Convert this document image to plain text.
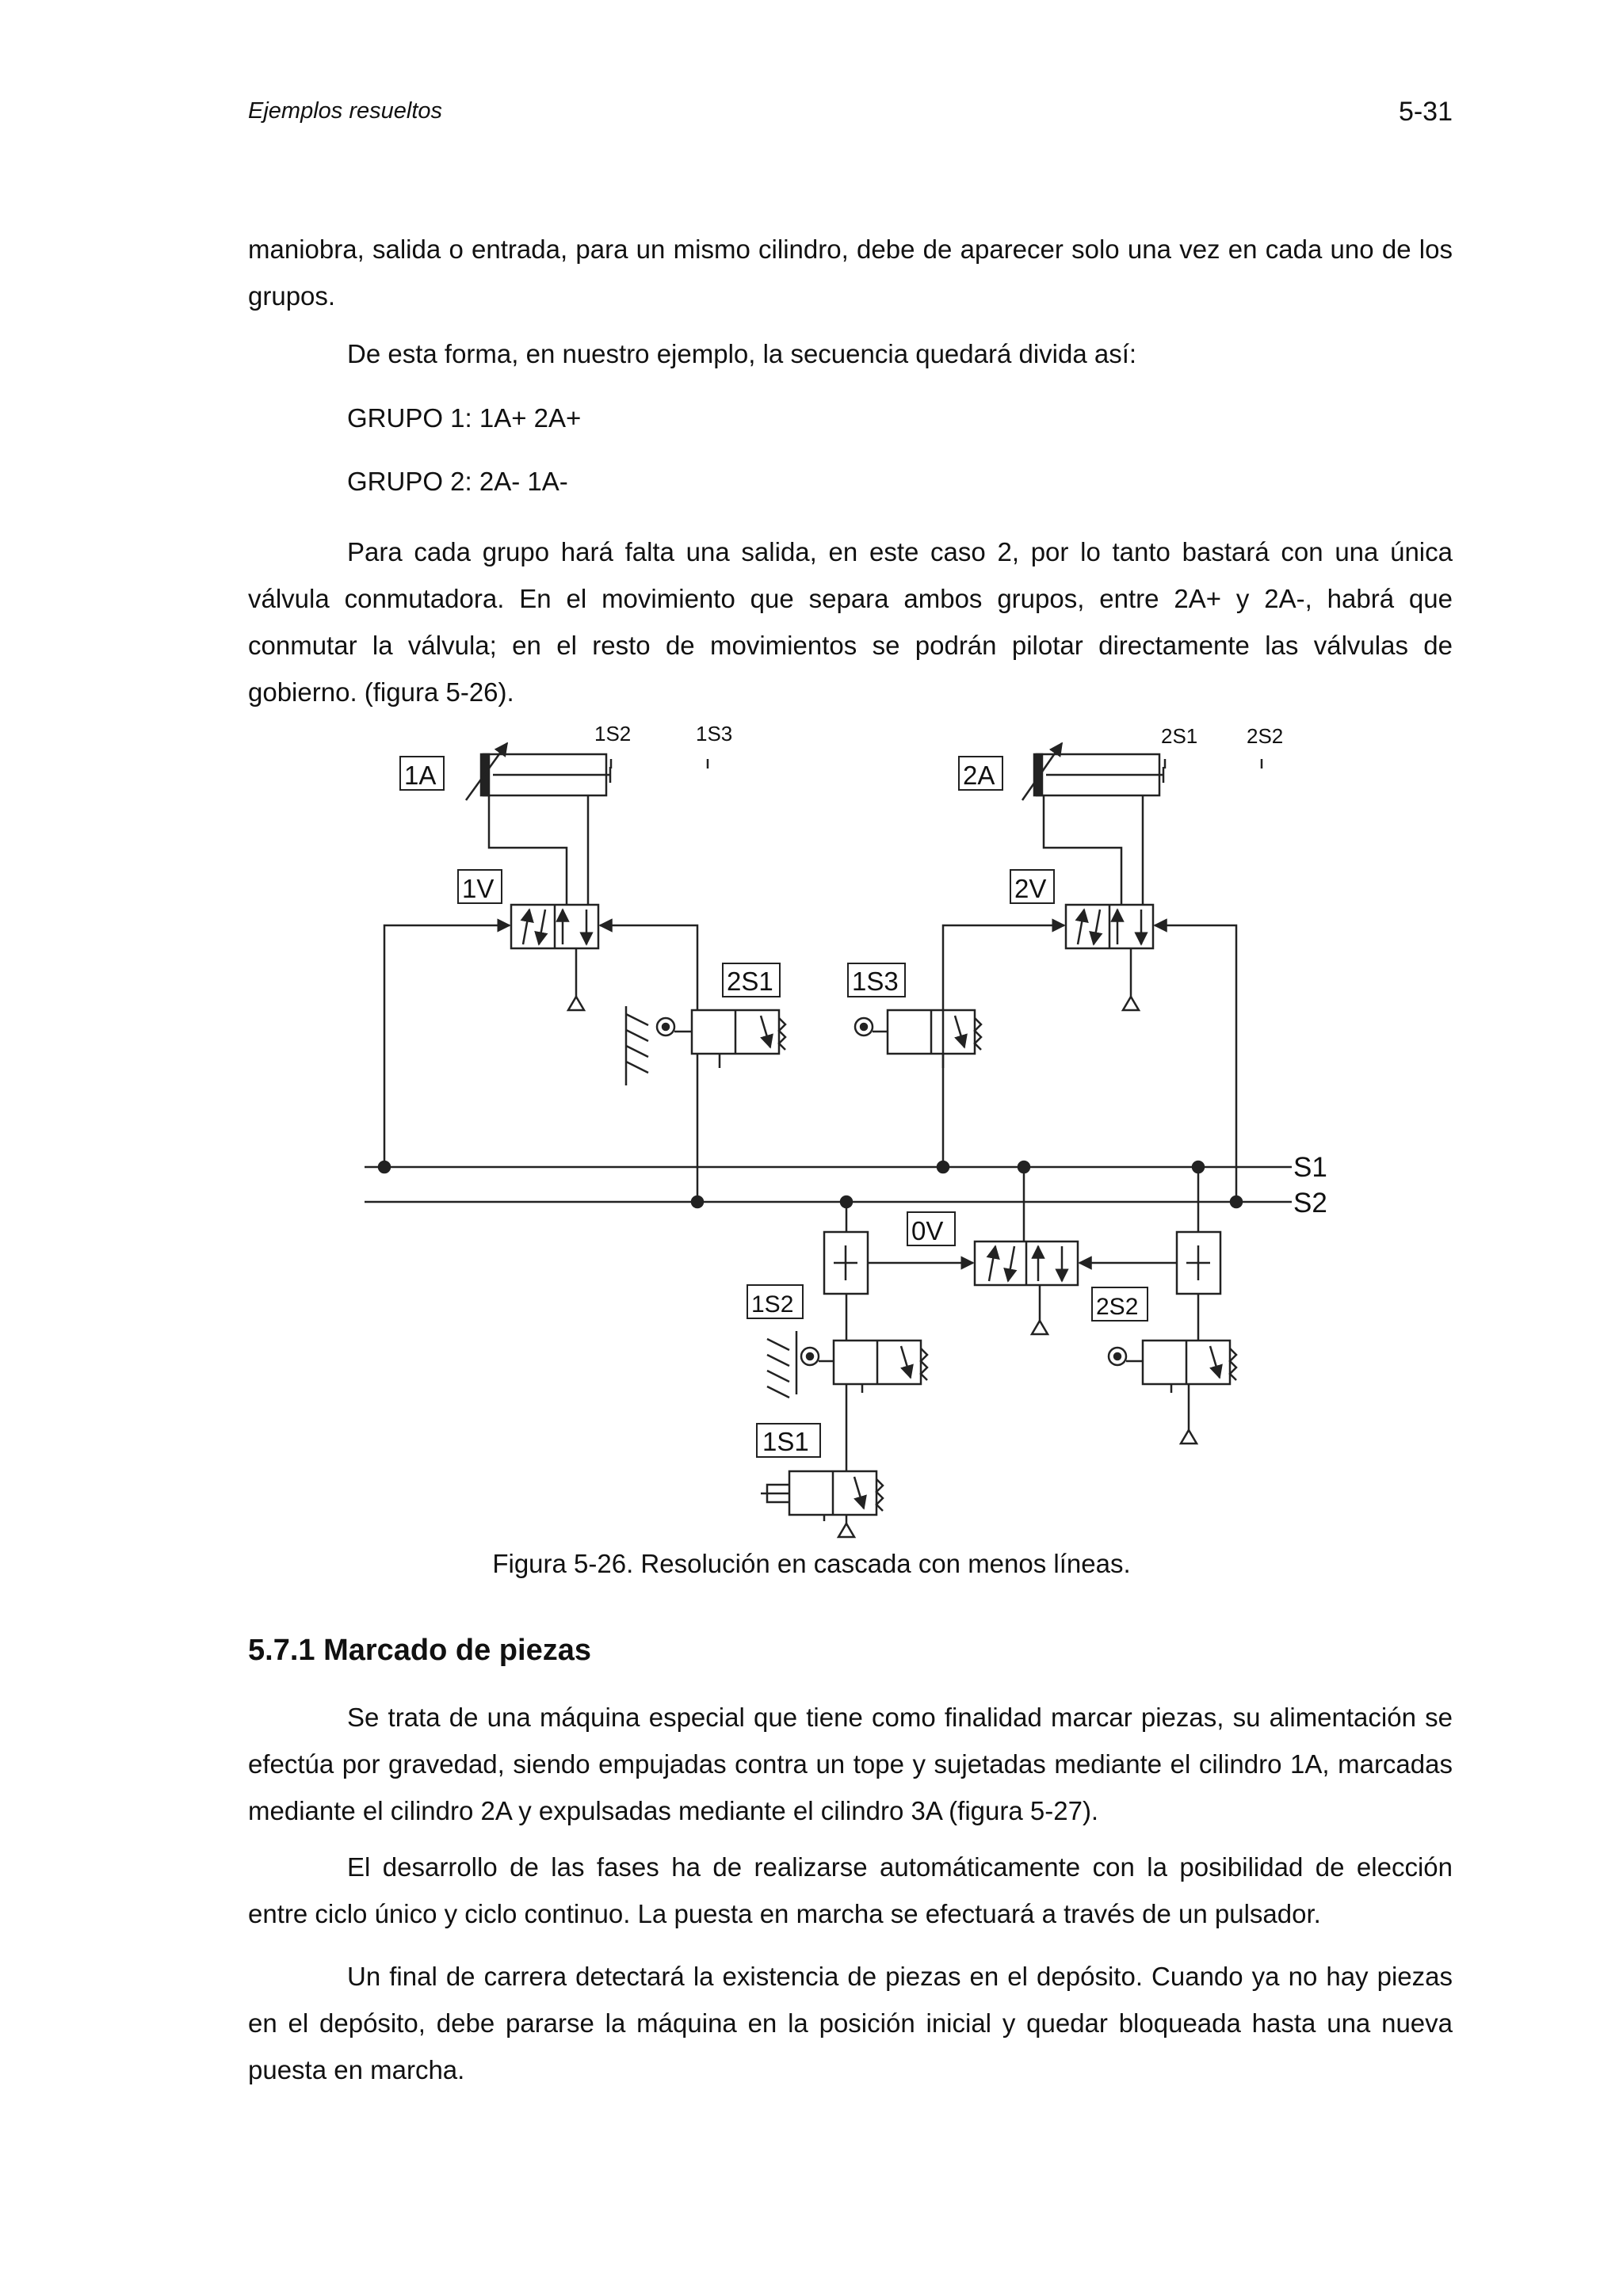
Ejemplos resueltos	5-31

maniobra, salida o entrada, para un mismo cilindro, debe de aparecer solo una vez en cada uno de los grupos.

De esta forma, en nuestro ejemplo, la secuencia quedará divida así:

GRUPO 1: 1A+ 2A+

GRUPO 2: 2A- 1A-

Para cada grupo hará falta una salida, en este caso 2, por lo tanto bastará con una única válvula conmutadora. En el movimiento que separa ambos grupos, entre 2A+ y 2A-, habrá que conmutar la válvula; en el resto de movimientos se podrán pilotar directamente las válvulas de gobierno. (figura 5-26).

1A	2A
1V	2V
0V
1S2	1S3	2S1 2S2
2S1	1S3
1S2	2S2
1S1
S1
S2
Figura 5-26. Resolución en cascada con menos líneas.
5.7.1 Marcado de piezas

Se trata de una máquina especial que tiene como finalidad marcar piezas, su alimentación se efectúa por gravedad, siendo empujadas contra un tope y sujetadas mediante el cilindro 1A, marcadas mediante el cilindro 2A y expulsadas mediante el cilindro 3A (figura 5-27).

El desarrollo de las fases ha de realizarse automáticamente con la posibilidad de elección entre ciclo único y ciclo continuo. La puesta en marcha se efectuará a través de un pulsador.

Un final de carrera detectará la existencia de piezas en el depósito. Cuando ya no hay piezas en el depósito, debe pararse la máquina en la posición inicial y quedar bloqueada hasta una nueva puesta en marcha.
